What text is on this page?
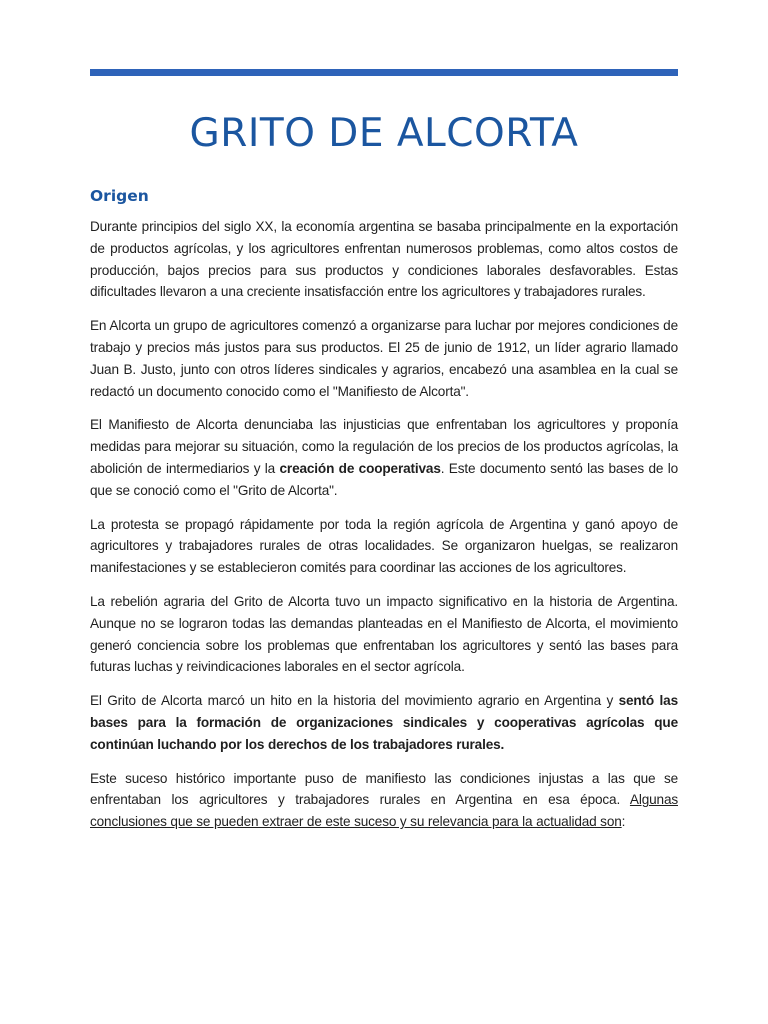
GRITO DE ALCORTA
Origen

Durante principios del siglo XX, la economía argentina se basaba principalmente en la exportación de productos agrícolas, y los agricultores enfrentan numerosos problemas, como altos costos de producción, bajos precios para sus productos y condiciones laborales desfavorables. Estas dificultades llevaron a una creciente insatisfacción entre los agricultores y trabajadores rurales.

En Alcorta un grupo de agricultores comenzó a organizarse para luchar por mejores condiciones de trabajo y precios más justos para sus productos. El 25 de junio de 1912, un líder agrario llamado Juan B. Justo, junto con otros líderes sindicales y agrarios, encabezó una asamblea en la cual se redactó un documento conocido como el "Manifiesto de Alcorta".

El Manifiesto de Alcorta denunciaba las injusticias que enfrentaban los agricultores y proponía medidas para mejorar su situación, como la regulación de los precios de los productos agrícolas, la abolición de intermediarios y la creación de cooperativas. Este documento sentó las bases de lo que se conoció como el "Grito de Alcorta".

La protesta se propagó rápidamente por toda la región agrícola de Argentina y ganó apoyo de agricultores y trabajadores rurales de otras localidades. Se organizaron huelgas, se realizaron manifestaciones y se establecieron comités para coordinar las acciones de los agricultores.

La rebelión agraria del Grito de Alcorta tuvo un impacto significativo en la historia de Argentina. Aunque no se lograron todas las demandas planteadas en el Manifiesto de Alcorta, el movimiento generó conciencia sobre los problemas que enfrentaban los agricultores y sentó las bases para futuras luchas y reivindicaciones laborales en el sector agrícola.

El Grito de Alcorta marcó un hito en la historia del movimiento agrario en Argentina y sentó las bases para la formación de organizaciones sindicales y cooperativas agrícolas que continúan luchando por los derechos de los trabajadores rurales.

Este suceso histórico importante puso de manifiesto las condiciones injustas a las que se enfrentaban los agricultores y trabajadores rurales en Argentina en esa época. Algunas conclusiones que se pueden extraer de este suceso y su relevancia para la actualidad son:
